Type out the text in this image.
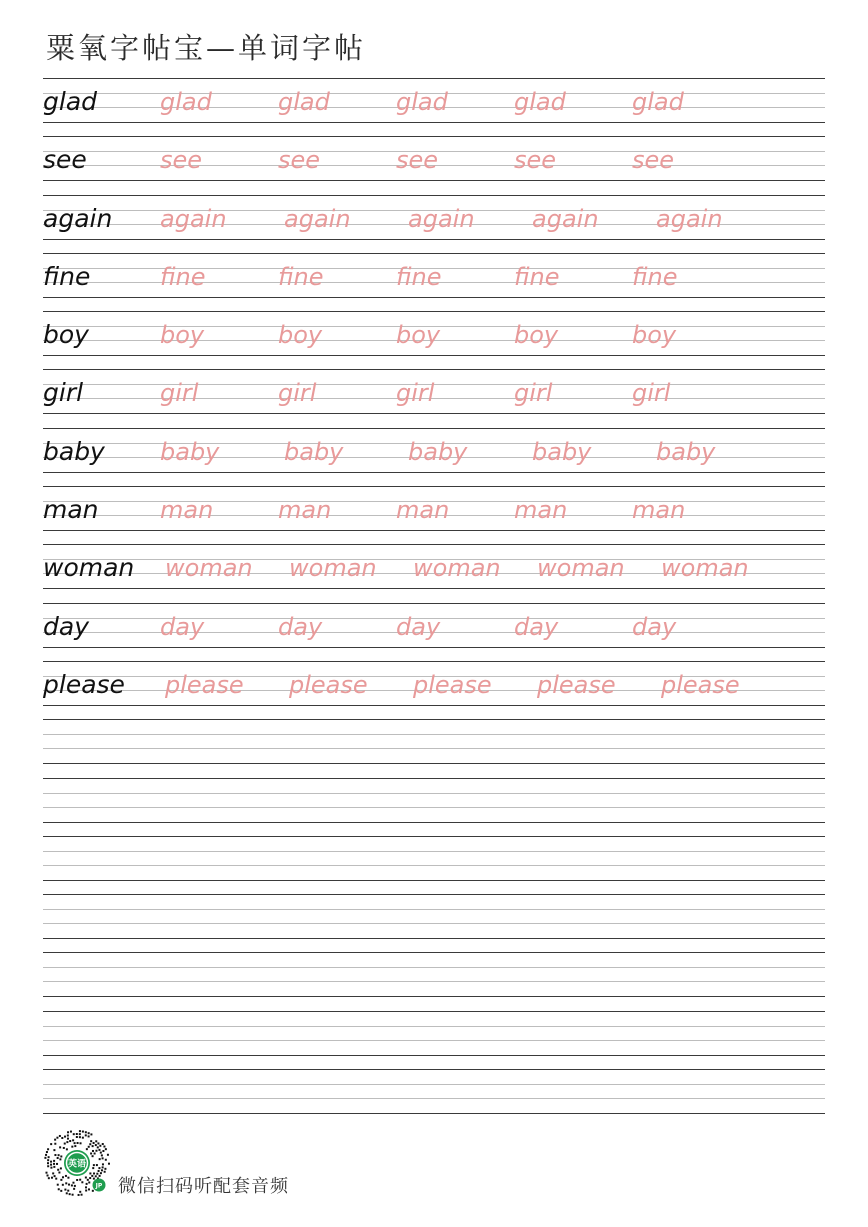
粟氧字帖宝—单词字帖
glad	glad	glad	glad	glad	glad
see	see	see	see	see	see
again	again	again	again	again	again
fine	fine	fine	fine	fine	fine
boy	boy	boy	boy	boy	boy
girl	girl	girl	girl	girl	girl
baby	baby	baby	baby	baby	baby
man	man	man	man	man	man
woman	woman	woman	woman	woman	woman
day	day	day	day	day	day
please	please	please	please	please	please
英语
JP 微信扫码听配套音频
